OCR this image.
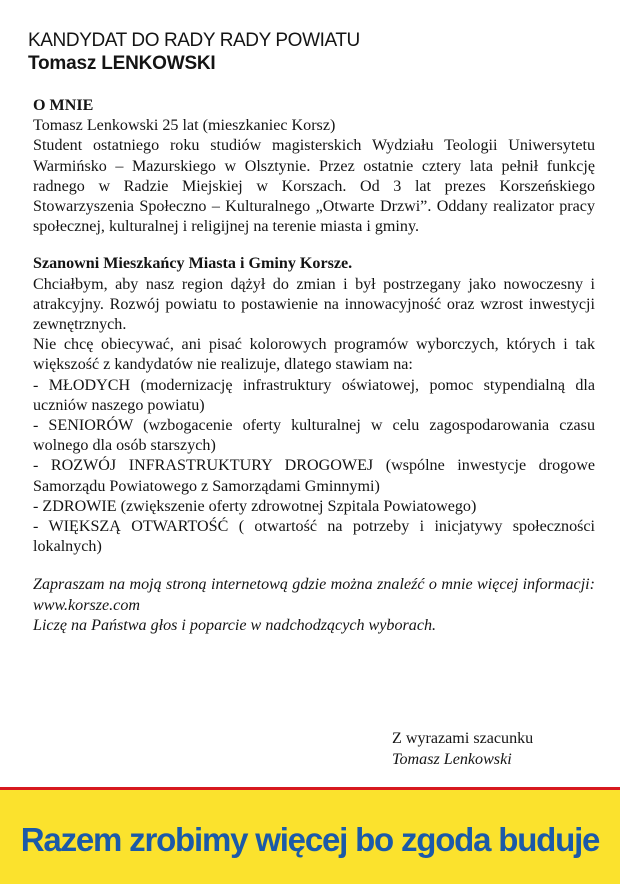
KANDYDAT DO RADY RADY POWIATU
Tomasz LENKOWSKI

O MNIE

Tomasz Lenkowski 25 lat (mieszkaniec Korsz)

Student ostatniego roku studiów magisterskich Wydziału Teologii Uniwersytetu Warmińsko – Mazurskiego w Olsztynie. Przez ostatnie cztery lata pełnił funkcję radnego w Radzie Miejskiej w Korszach. Od 3 lat prezes Korszeńskiego Stowarzyszenia Społeczno – Kulturalnego „Otwarte Drzwi”. Oddany realizator pracy społecznej, kulturalnej i religijnej na terenie miasta i gminy.

Szanowni Mieszkańcy Miasta i Gminy Korsze.

Chciałbym, aby nasz region dążył do zmian i był postrzegany jako nowoczesny i atrakcyjny. Rozwój powiatu to postawienie na innowacyjność oraz wzrost inwestycji zewnętrznych.

Nie chcę obiecywać, ani pisać kolorowych programów wyborczych, których i tak większość z kandydatów nie realizuje, dlatego stawiam na:

- MŁODYCH (modernizację infrastruktury oświatowej, pomoc stypendialną dla uczniów naszego powiatu)

- SENIORÓW (wzbogacenie oferty kulturalnej w celu zagospodarowania czasu wolnego dla osób starszych)

- ROZWÓJ INFRASTRUKTURY DROGOWEJ (wspólne inwestycje drogowe Samorządu Powiatowego z Samorządami Gminnymi)

- ZDROWIE (zwiększenie oferty zdrowotnej Szpitala Powiatowego)

- WIĘKSZĄ OTWARTOŚĆ ( otwartość na potrzeby i inicjatywy społeczności lokalnych)

Zapraszam na moją stroną internetową gdzie można znaleźć o mnie więcej informacji: www.korsze.com

Liczę na Państwa głos i poparcie w nadchodzących wyborach.

Z wyrazami szacunku
Tomasz Lenkowski
Razem zrobimy więcej bo zgoda buduje
